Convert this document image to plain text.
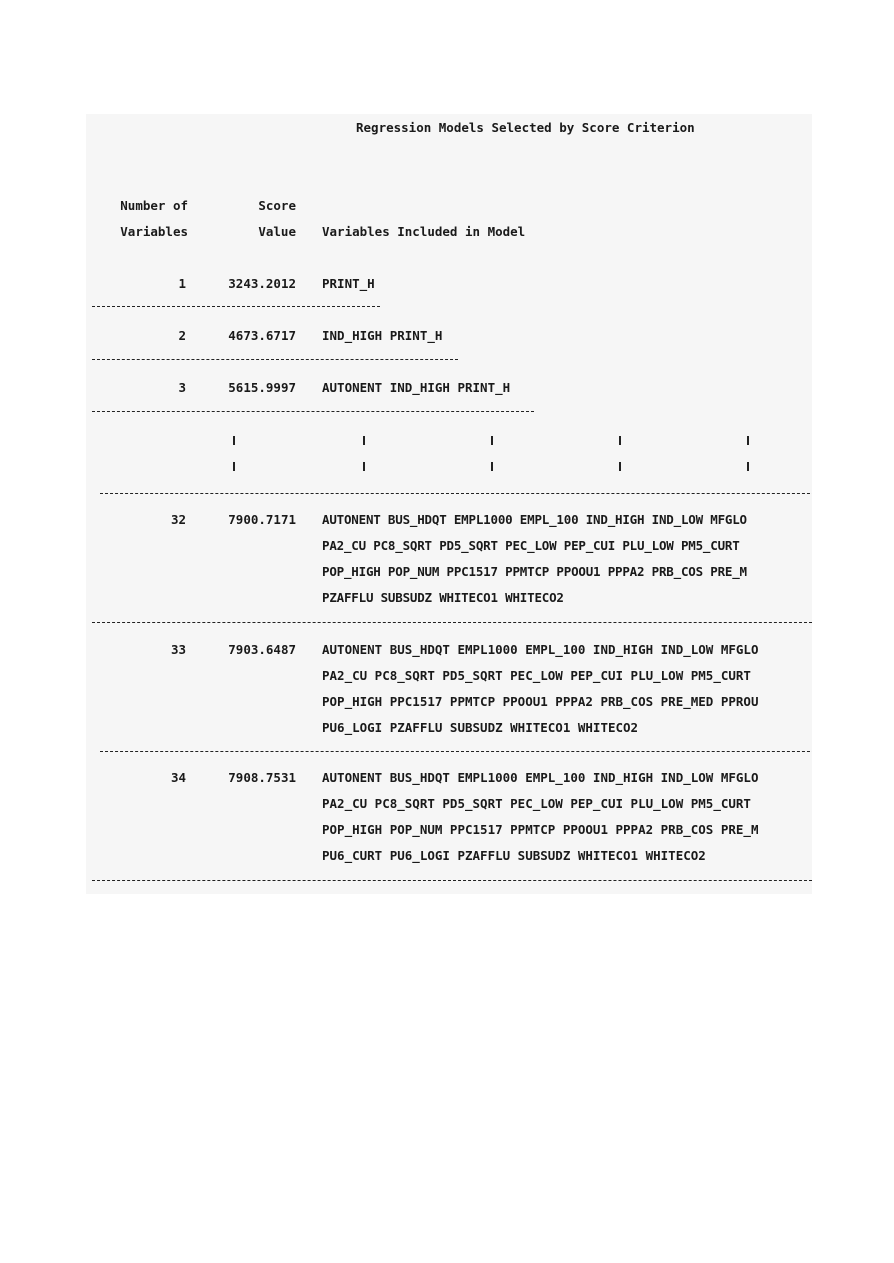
Regression Models Selected by Score Criterion
Number of
Variables
Score
Value Variables Included in Model
1	3243.2012 PRINT_H
2	4673.6717 IND_HIGH PRINT_H
3	5615.9997 AUTONENT IND_HIGH PRINT_H
32	7900.7171 AUTONENT BUS_HDQT EMPL1000 EMPL_100 IND_HIGH IND_LOW MFGLO
PA2_CU PC8_SQRT PD5_SQRT PEC_LOW PEP_CUI PLU_LOW PM5_CURT
POP_HIGH POP_NUM PPC1517 PPMTCP PPOOU1 PPPA2 PRB_COS PRE_M
PZAFFLU SUBSUDZ WHITECO1 WHITECO2
33	7903.6487 AUTONENT BUS_HDQT EMPL1000 EMPL_100 IND_HIGH IND_LOW MFGLO
PA2_CU PC8_SQRT PD5_SQRT PEC_LOW PEP_CUI PLU_LOW PM5_CURT
POP_HIGH PPC1517 PPMTCP PPOOU1 PPPA2 PRB_COS PRE_MED PPROU
PU6_LOGI PZAFFLU SUBSUDZ WHITECO1 WHITECO2
34	7908.7531 AUTONENT BUS_HDQT EMPL1000 EMPL_100 IND_HIGH IND_LOW MFGLO
PA2_CU PC8_SQRT PD5_SQRT PEC_LOW PEP_CUI PLU_LOW PM5_CURT
POP_HIGH POP_NUM PPC1517 PPMTCP PPOOU1 PPPA2 PRB_COS PRE_M
PU6_CURT PU6_LOGI PZAFFLU SUBSUDZ WHITECO1 WHITECO2
